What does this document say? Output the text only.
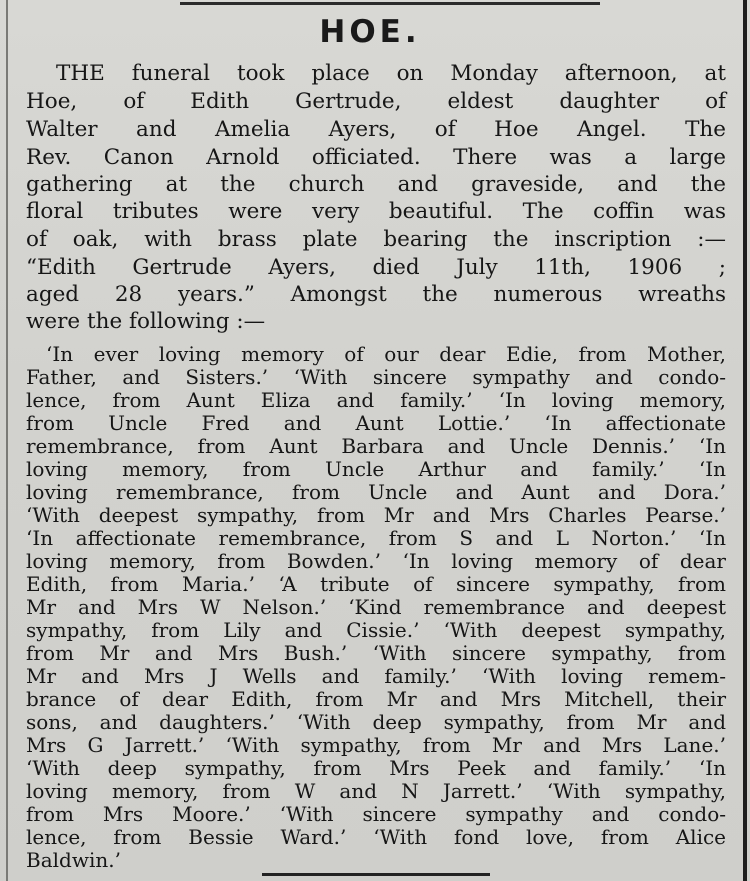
HOE.

THE funeral took place on Monday afternoon, at

Hoe, of Edith Gertrude, eldest daughter of

Walter and Amelia Ayers, of Hoe Angel. The

Rev. Canon Arnold officiated. There was a large

gathering at the church and graveside, and the

floral tributes were very beautiful. The coffin was

of oak, with brass plate bearing the inscription :—

“Edith Gertrude Ayers, died July 11th, 1906 ;

aged 28 years.” Amongst the numerous wreaths

were the following :—

‘In ever loving memory of our dear Edie, from Mother,

Father, and Sisters.’ ‘With sincere sympathy and condo-

lence, from Aunt Eliza and family.’ ‘In loving memory,

from Uncle Fred and Aunt Lottie.’ ‘In affectionate

remembrance, from Aunt Barbara and Uncle Dennis.’ ‘In

loving memory, from Uncle Arthur and family.’ ‘In

loving remembrance, from Uncle and Aunt and Dora.’

‘With deepest sympathy, from Mr and Mrs Charles Pearse.’

‘In affectionate remembrance, from S and L Norton.’ ‘In

loving memory, from Bowden.’ ‘In loving memory of dear

Edith, from Maria.’ ‘A tribute of sincere sympathy, from

Mr and Mrs W Nelson.’ ‘Kind remembrance and deepest

sympathy, from Lily and Cissie.’ ‘With deepest sympathy,

from Mr and Mrs Bush.’ ‘With sincere sympathy, from

Mr and Mrs J Wells and family.’ ‘With loving remem-

brance of dear Edith, from Mr and Mrs Mitchell, their

sons, and daughters.’ ‘With deep sympathy, from Mr and

Mrs G Jarrett.’ ‘With sympathy, from Mr and Mrs Lane.’

‘With deep sympathy, from Mrs Peek and family.’ ‘In

loving memory, from W and N Jarrett.’ ‘With sympathy,

from Mrs Moore.’ ‘With sincere sympathy and condo-

lence, from Bessie Ward.’ ‘With fond love, from Alice

Baldwin.’
